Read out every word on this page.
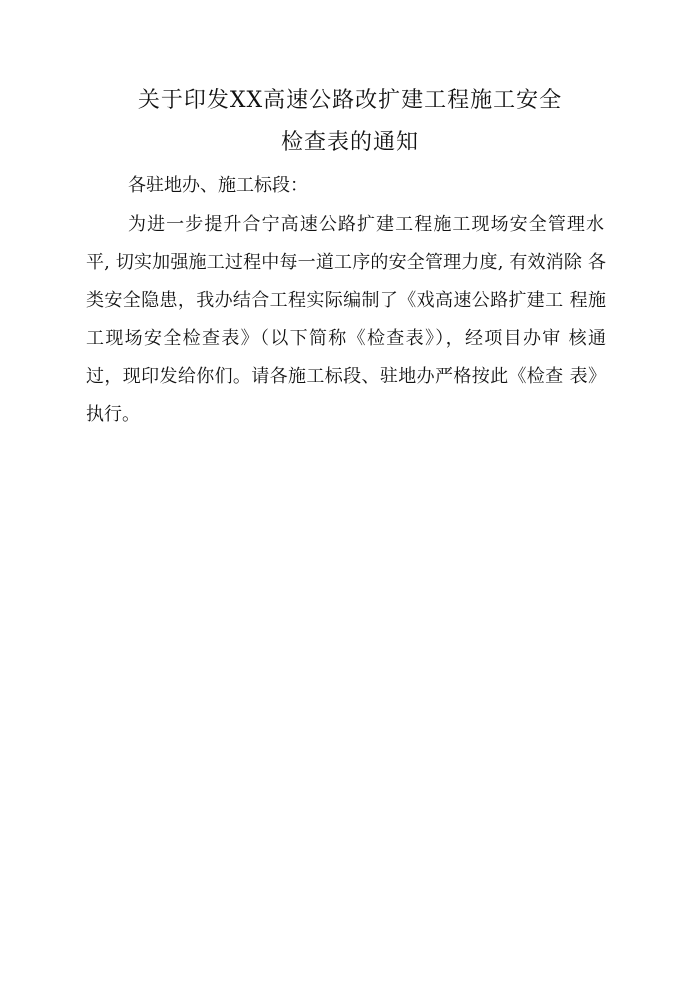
关于印发XX高速公路改扩建工程施工安全
检查表的通知
各驻地办、施工标段：
为进一步提升合宁高速公路扩建工程施工现场安全管理水
平, 切实加强施工过程中每一道工序的安全管理力度, 有效消除 各
类安全隐患，我办结合工程实际编制了《戏高速公路扩建工 程施
工现场安全检查表》（以下简称《检查表》），经项目办审 核通
过，现印发给你们。请各施工标段、驻地办严格按此《检查 表》
执行。
